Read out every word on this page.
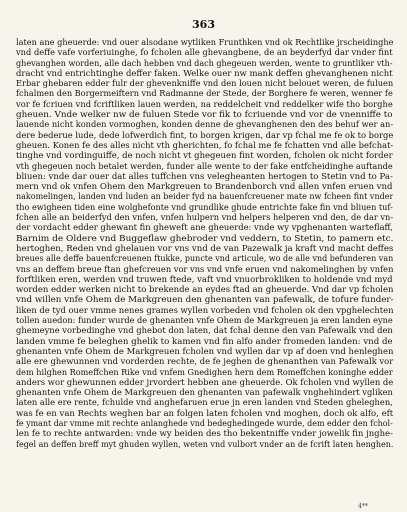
363
laten ane gheuerde: vnd ouer alsodane wytliken Frunthken vnd ok Rechtlike jrscheidinghe
vnd deffe vafe vorferiuinghe, fo fcholen alle ghevangbene, de an beyderfyd dar vnder fint
ghevanghen worden, alle dach hebben vnd dach ghegeuen werden, wente to gruntliker vth-
dracht vnd entrichtinghe deffer faken. Welke ouer nw mank deffen ghevanghenen nicht
Erbar ghebaren edder fulr der ghevenkniffe vnd den louen nicht belouet weren, de fuluen
fchalmen den Borgermeiftern vnd Radmanne der Stede, der Borghere fe weren, wenner fe
vor fe fcriuen vnd fcriftliken lauen werden, na reddelcheit vnd reddelker wife tho borghe
gheuen. Vnde welker nw de fuluen Stede vor fik to fcriuende vnd vor de vnenniffe to
lauende nicht konden vormoghen, konden denne de ghevanghenen den des behuf wer an-
dere bederue lude, dede lofwerdich fint, to borgen krigen, dar vp fchal me fe ok to borge
gheuen. Konen fe des alles nicht vth gherichten, fo fchal me fe fchatten vnd alle befchat-
tinghe vnd vordinguiffe, de noch nicht vt ghegeuen fint worden, fcholen ok nicht forder
vth ghegeuen noch betalet werden, funder alle wente to der fake entfcheidinghe auftande
bliuen: vnde dar ouer dat alles tuffchen vns velegheanten hertogen to Stetin vnd to Pa-
mern vnd ok vnfen Ohem den Markgreuen to Brandenborch vnd allen vnfen eruen vnd
nakomelingen, landen vnd luden an beider fyd na bauenfcreuener mate nw fcheen fint vnder
tho ewigheen tiden eine wolghefonte vnd grundlike ghude entrichte fake fin vnd bliuen tuf-
fchen alle an beiderfyd den vnfen, vnfen hulpern vnd helpers helperen vnd den, de dar vn-
der vordacht edder ghewant fin gheweft ane gheuerde: vnde wy vpghenanten warteflaff,
Barnim de Oldere vnd Buggeflaw ghebroder vnd veddern, to Stetin, to pamern etc.
hertoghen, Reden vnd ghelauen vor vns vnd de van Pazewalk ja kraft vnd macht deffes
breues alle deffe bauenfcreuenen ftukke, puncte vnd articule, wo de alle vnd befunderen van
vns an deffem breue ftan ghefcreuen vor vns vnd vnfe eruen vnd nakomelinghen by vnfen
forftliken eren, werden vnd truwen ftede, vaft vnd vnuorbrokliken to holdende vnd myd
worden edder werken nicht to brekende an eydes ftad an gheuerde. Vnd dar vp fcholen
vnd willen vnfe Ohem de Markgreuen den ghenanten van pafewalk, de tofure funder-
liken de tyd ouer vmme nenes grames wyllen vorbeden vnd fcholen ok den vpghelechten
tollen auedon: funder wurde de ghenanten vnfe Ohem de Markgreuen ja eren landen eyne
ghemeyne vorbedinghe vnd ghebot don laten, dat fchal denne den van Pafewalk vnd den
landen vmme fe beleghen ghelik to kamen vnd fin alfo ander fromeden landen: vnd de
ghenanten vnfe Ohem de Markgreuen fcholen vnd wyllen dar vp af doen vnd henleghen
alle ere ghewunnen vnd vorderden rechte, de fe jeghen de ghenanthen van Pafewalk vor
dem hilghen Romeffchen Rike vnd vnfem Gnedighen hern dem Romeffchen koninghe edder
anders wor ghewunnen edder jrvordert hebben ane gheuerde. Ok fcholen vnd wyllen de
ghenanten vnfe Ohem de Markgreuen den ghenanten van pafewalk vnghehindert vgliken
laten alle ere rente, fchulde vnd anghefaruen erue jn eren landen vnd Steden gheleghen,
was fe en van Rechts weghen bar an folgen laten fcholen vnd moghen, doch ok alfo, eft
fe ymant dar vmme mit rechte anlanghede vnd bedeghedingede wurde, dem edder den fchol-
len fe to rechte antwarden: vnde wy beiden des tho bekentniffe vnder jowelik fin jnghe-
fegel an deffen breff myt ghuden wyllen, weten vnd vulbort vnder an de fcrift laten henghen.
4**
